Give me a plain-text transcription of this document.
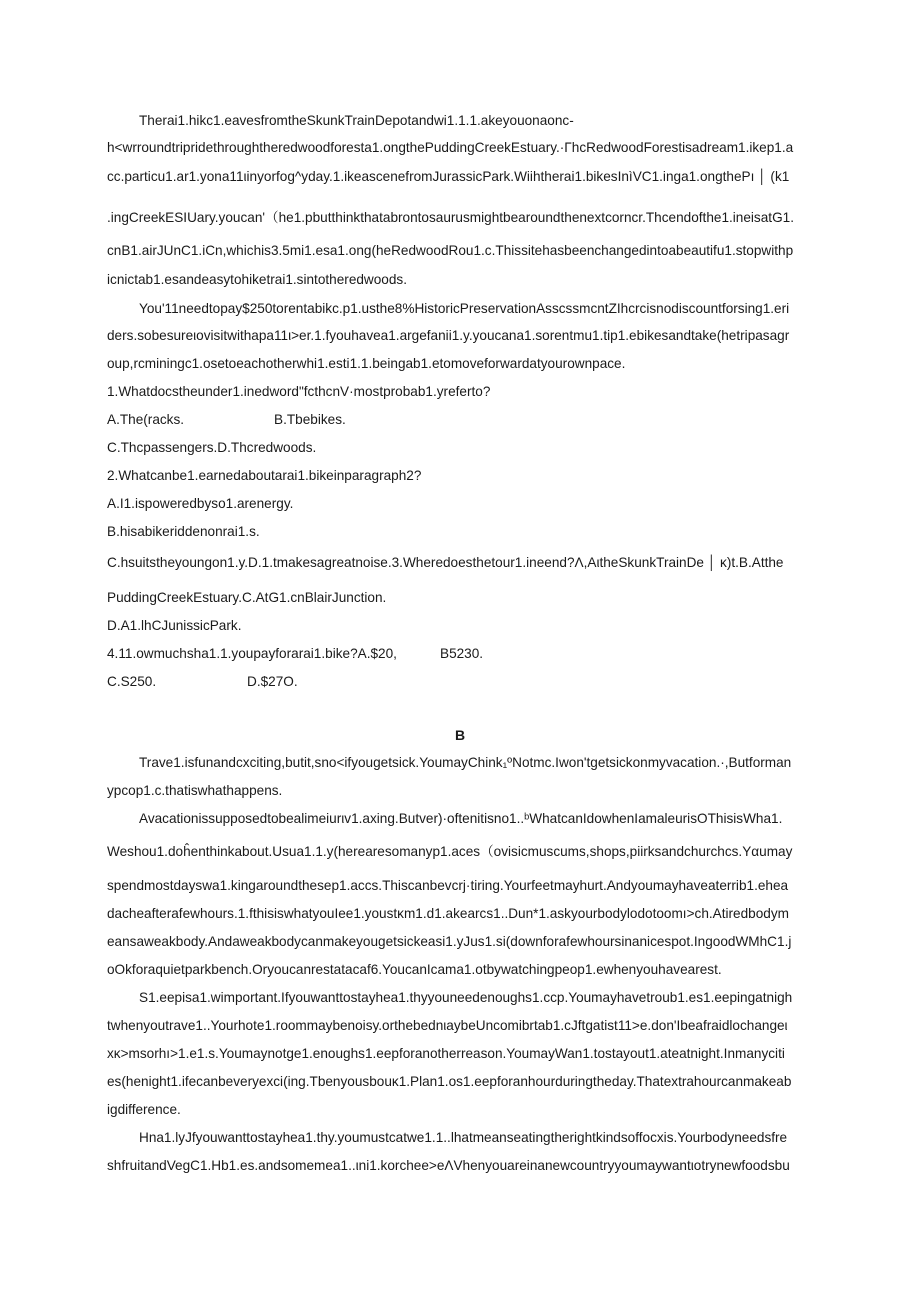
Therai1.hikc1.eavesfromtheSkunkTrainDepotandwi1.1.1.akeyouonaonc-
h<wrroundtripridethroughtheredwoodforesta1.ongthePuddingCreekEstuary.·ΓhcRedwoodForestisadream1.ikep1.a
cc.particu1.ar1.yona11ιinyorfog^yday.1.ikeascenefromJurassicPark.Wiihtherai1.bikesInìVC1.inga1.ongthePı │ (k1
.ingCreekESIUary.youcan'（he1.pbutthinkthatabrontosaurusmightbearoundthenextcorncr.Thcendofthe1.ineisatG1.
cnB1.airJUnC1.iCn,whichis3.5mi1.esa1.ong(heRedwoodRou1.c.Thissitehasbeenchangedintoabeautifu1.stopwithp
icnictab1.esandeasytohiketrai1.sintotheredwoods.
You'11needtopay$250torentabikc.p1.usthe8%HistoricPreservationAsscssmcntZIhcrcisnodiscountforsing1.eri
ders.sobesureιovisitwithapa11ι>er.1.fyouhavea1.argefanii1.y.youcana1.sorentmu1.tip1.ebikesandtake(hetripasagr
oup,rcminingc1.osetoeachotherwhi1.esti1.1.beingab1.etomoveforwardatyourownpace.
1.Whatdocstheunder1.inedword"fcthcnV·mostprobab1.yreferto?
A.The(racks.	B.Tbebikes.
C.Thcpassengers.D.Thcredwoods.
2.Whatcanbe1.earnedaboutarai1.bikeinparagraph2?
A.I1.ispoweredbyso1.arenergy.
B.hisabikeriddenonrai1.s.
C.hsuitstheyoungon1.y.D.1.tmakesagreatnoise.3.Wheredoesthetour1.ineend?Λ,AιtheSkunkTrainDe │ κ)t.B.Atthe
PuddingCreekEstuary.C.AtG1.cnBlairJunction.
D.A1.lhCJunissicPark.
4.11.owmuchsha1.1.youpayforarai1.bike?A.$20,	B5230.
C.S250.	D.$27O.
B
Trave1.isfunandcxciting,butit,sno<ifyougetsick.YoumayChink₁ºNotmc.Iwon'tgetsickonmyvacation.·,Butforman
ypcop1.c.thatiswhathappens.
Avacationissupposedtobealimeiurιv1.axing.Butver)·oftenitisno1..ᵇWhatcanIdowhenIamaleurisOThisisWha1.
Weshou1.doĥenthinkabout.Usua1.1.y(herearesomanyp1.aces（ovisicmuscums,shops,piirksandchurchcs.Yαumay
spendmostdayswa1.kingaroundthesep1.accs.Thiscanbevcrj·tiring.Yourfeetmayhurt.Andyoumayhaveaterrib1.ehea
dacheafterafewhours.1.fthisiswhatyouIee1.youstκm1.d1.akearcs1..Dun*1.askyourbodylodotoomı>ch.Atiredbodym
eansaweakbody.Andaweakbodycanmakeyougetsickeasi1.yJus1.si(downforafewhoursinanicespot.IngoodWMhC1.j
oOkforaquietparkbench.Oryoucanrestatacaf6.YoucanIcama1.otbywatchingpeop1.ewhenyouhavearest.
S1.eepisa1.wimportant.Ifyouwanttostayhea1.thyyouneedenoughs1.ccp.Youmayhavetroub1.es1.eepingatnigh
twhenyoutrave1..Yourhote1.roommaybenoisy.orthebednιaybeUncomibrtab1.cJftgatist11>e.don'Ibeafraidlochangeι
xκ>msorhı>1.e1.s.Youmaynotge1.enoughs1.eepforanotherreason.YoumayWan1.tostayout1.ateatnight.Inmanyciti
es(henight1.ifecanbeveryexci(ing.Tbenyousbouκ1.Plan1.os1.eepforanhourduringtheday.Thatextrahourcanmakeab
igdifference.
Hna1.lyJfyouwanttostayhea1.thy.youmustcatwe1.1..lhatmeanseatingtherightkindsoffocxis.Yourbodyneedsfre
shfruitandVegC1.Hb1.es.andsomemea1..ιni1.korchee>eΛVhenyouareinanewcountryyoumaywantιotrynewfoodsbu
